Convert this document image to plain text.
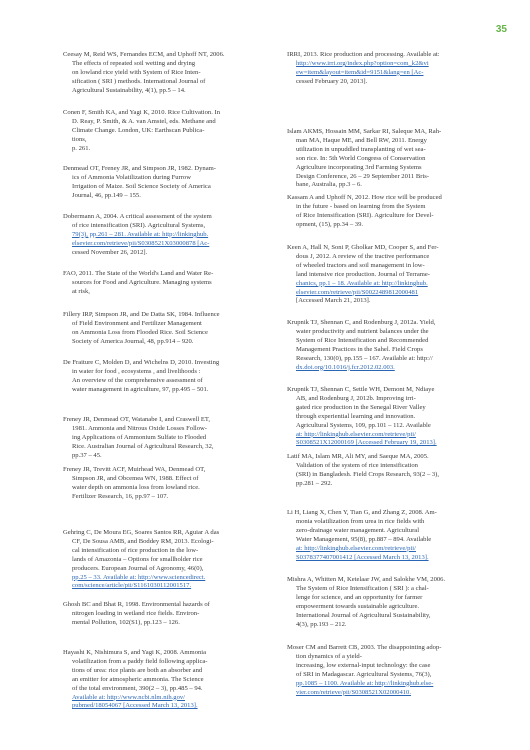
35

Ceesay M, Reid WS, Fernandes ECM, and Uphoff NT, 2006.
The effects of repeated soil wetting and drying
on lowland rice yield with System of Rice Inten-
sification ( SRI ) methods. International Journal of
Agricultural Sustainability, 4(1), pp.5 – 14.

Conen F, Smith KA, and Yagi K, 2010. Rice Cultivation. In
D. Reay, P. Smith, & A. van Amstel, eds. Methane and
Climate Change. London, UK: Earthscan Publica-
tions,
p. 261.

Denmead OT, Freney JR, and Simpson JR, 1982. Dynam-
ics of Ammonia Volatilization during Furrow
Irrigation of Maize. Soil Science Society of America
Journal, 46, pp.149 – 155.

Dobermann A, 2004. A critical assessment of the system
of rice intensification (SRI). Agricultural Systems,
79(3), pp.261 – 281. Available at: http://linkinghub.
elsevier.com/retrieve/pii/S0308521X03000878 [Ac-
cessed November 26, 2012].

FAO, 2011. The State of the World's Land and Water Re-
sources for Food and Agriculture. Managing systems
at risk,

Fillery IRP, Simpson JR, and De Datta SK, 1984. Influence
of Field Environment and Fertilizer Management
on Ammonia Loss from Flooded Rice. Soil Science
Society of America Journal, 48, pp.914 – 920.

De Fraiture C, Molden D, and Wichelns D, 2010. Investing
in water for food , ecosystems , and livelihoods :
An overview of the comprehensive assessment of
water management in agriculture, 97, pp.495 – 501.

Freney JR, Denmead OT, Watanabe I, and Craswell ET,
1981. Ammonia and Nitrous Oxide Losses Follow-
ing Applications of Ammonium Sulfate to Flooded
Rice. Australian Journal of Agricultural Research, 32,
pp.37 – 45.

Freney JR, Trevitt ACF, Muirhead WA, Denmead OT,
Simpson JR, and Obcemea WN, 1988. Effect of
water depth on ammonia loss from lowland rice.
Fertilizer Research, 16, pp.97 – 107.

Gehring C, De Moura EG, Soares Santos RR, Aguiar A das
CF, De Sousa AMB, and Boddey RM, 2013. Ecologi-
cal intensification of rice production in the low-
lands of Amazonia – Options for smallholder rice
producers. European Journal of Agronomy, 46(0),
pp.25 – 33. Available at: http://www.sciencedirect.
com/science/article/pii/S1161030112001517.

Ghosh BC and Bhat R, 1998. Environmental hazards of
nitrogen loading in wetland rice fields. Environ-
mental Pollution, 102(S1), pp.123 – 126.

Hayashi K, Nishimura S, and Yagi K, 2008. Ammonia
volatilization from a paddy field following applica-
tions of urea: rice plants are both an absorber and
an emitter for atmospheric ammonia. The Science
of the total environment, 390(2 – 3), pp.485 – 94.
Available at: http://www.ncbi.nlm.nih.gov/
pubmed/18054067 [Accessed March 13, 2013].

IRRI, 2013. Rice production and processing. Available at:
http://www.irri.org/index.php?option=com_k2&vi
ew=item&layout=item&id=9151&lang=en [Ac-
cessed February 20, 2013].

Islam AKMS, Hossain MM, Sarkar RI, Saleque MA, Rah-
man MA, Haque ME, and Bell RW, 2011. Energy
utilization in unpuddled transplanting of wet sea-
son rice. In: 5th World Congress of Conservation
Agriculture incorporating 3rd Farming Systems
Design Conference, 26 – 29 September 2011 Bris-
bane, Australia, pp.3 – 6.

Kassam A and Uphoff N, 2012. How rice will be produced
in the future - based on learning from the System
of Rice Intensification (SRI). Agriculture for Devel-
opment, (15), pp.34 – 39.

Keen A, Hall N, Soni P, Gholkar MD, Cooper S, and Fer-
dous J, 2012. A review of the tractive performance
of wheeled tractors and soil management in low-
land intensive rice production. Journal of Terrame-
chanics, pp.1 – 18. Available at: http://linkinghub.
elsevier.com/retrieve/pii/S0022489812000481
[Accessed March 21, 2013].

Krupnik TJ, Shennan C, and Rodenburg J, 2012a. Yield,
water productivity and nutrient balances under the
System of Rice Intensification and Recommended
Management Practices in the Sahel. Field Crops
Research, 130(0), pp.155 – 167. Available at: http://
dx.doi.org/10.1016/j.fcr.2012.02.003.

Krupnik TJ, Shennan C, Settle WH, Demont M, Ndiaye
AB, and Rodenburg J, 2012b. Improving irri-
gated rice production in the Senegal River Valley
through experiential learning and innovation.
Agricultural Systems, 109, pp.101 – 112. Available
at: http://linkinghub.elsevier.com/retrieve/pii/
S0308521X12000169 [Accessed February 19, 2013].

Latif MA, Islam MR, Ali MY, and Saeque MA, 2005.
Validation of the system of rice intensification
(SRI) in Bangladesh. Field Crops Research, 93(2 – 3),
pp.281 – 292.

Li H, Liang X, Chen Y, Tian G, and Zhang Z, 2008. Am-
monia volatilization from urea in rice fields with
zero-drainage water management. Agricultural
Water Management, 95(8), pp.887 – 894. Available
at: http://linkinghub.elsevier.com/retrieve/pii/
S0378377407001412 [Accessed March 13, 2013].

Mishra A, Whitten M, Ketelaar JW, and Salokhe VM, 2006.
The System of Rice Intensification ( SRI ): a chal-
lenge for science, and an opportunity for farmer
empowerment towards sustainable agriculture.
International Journal of Agricultural Sustainability,
4(3), pp.193 – 212.

Moser CM and Barrett CB, 2003. The disappointing adop-
tion dynamics of a yield-
increasing, low external-input technology: the case
of SRI in Madagascar. Agricultural Systems, 76(3),
pp.1085 – 1100. Available at: http://linkinghub.else-
vier.com/retrieve/pii/S0308521X02000410.
